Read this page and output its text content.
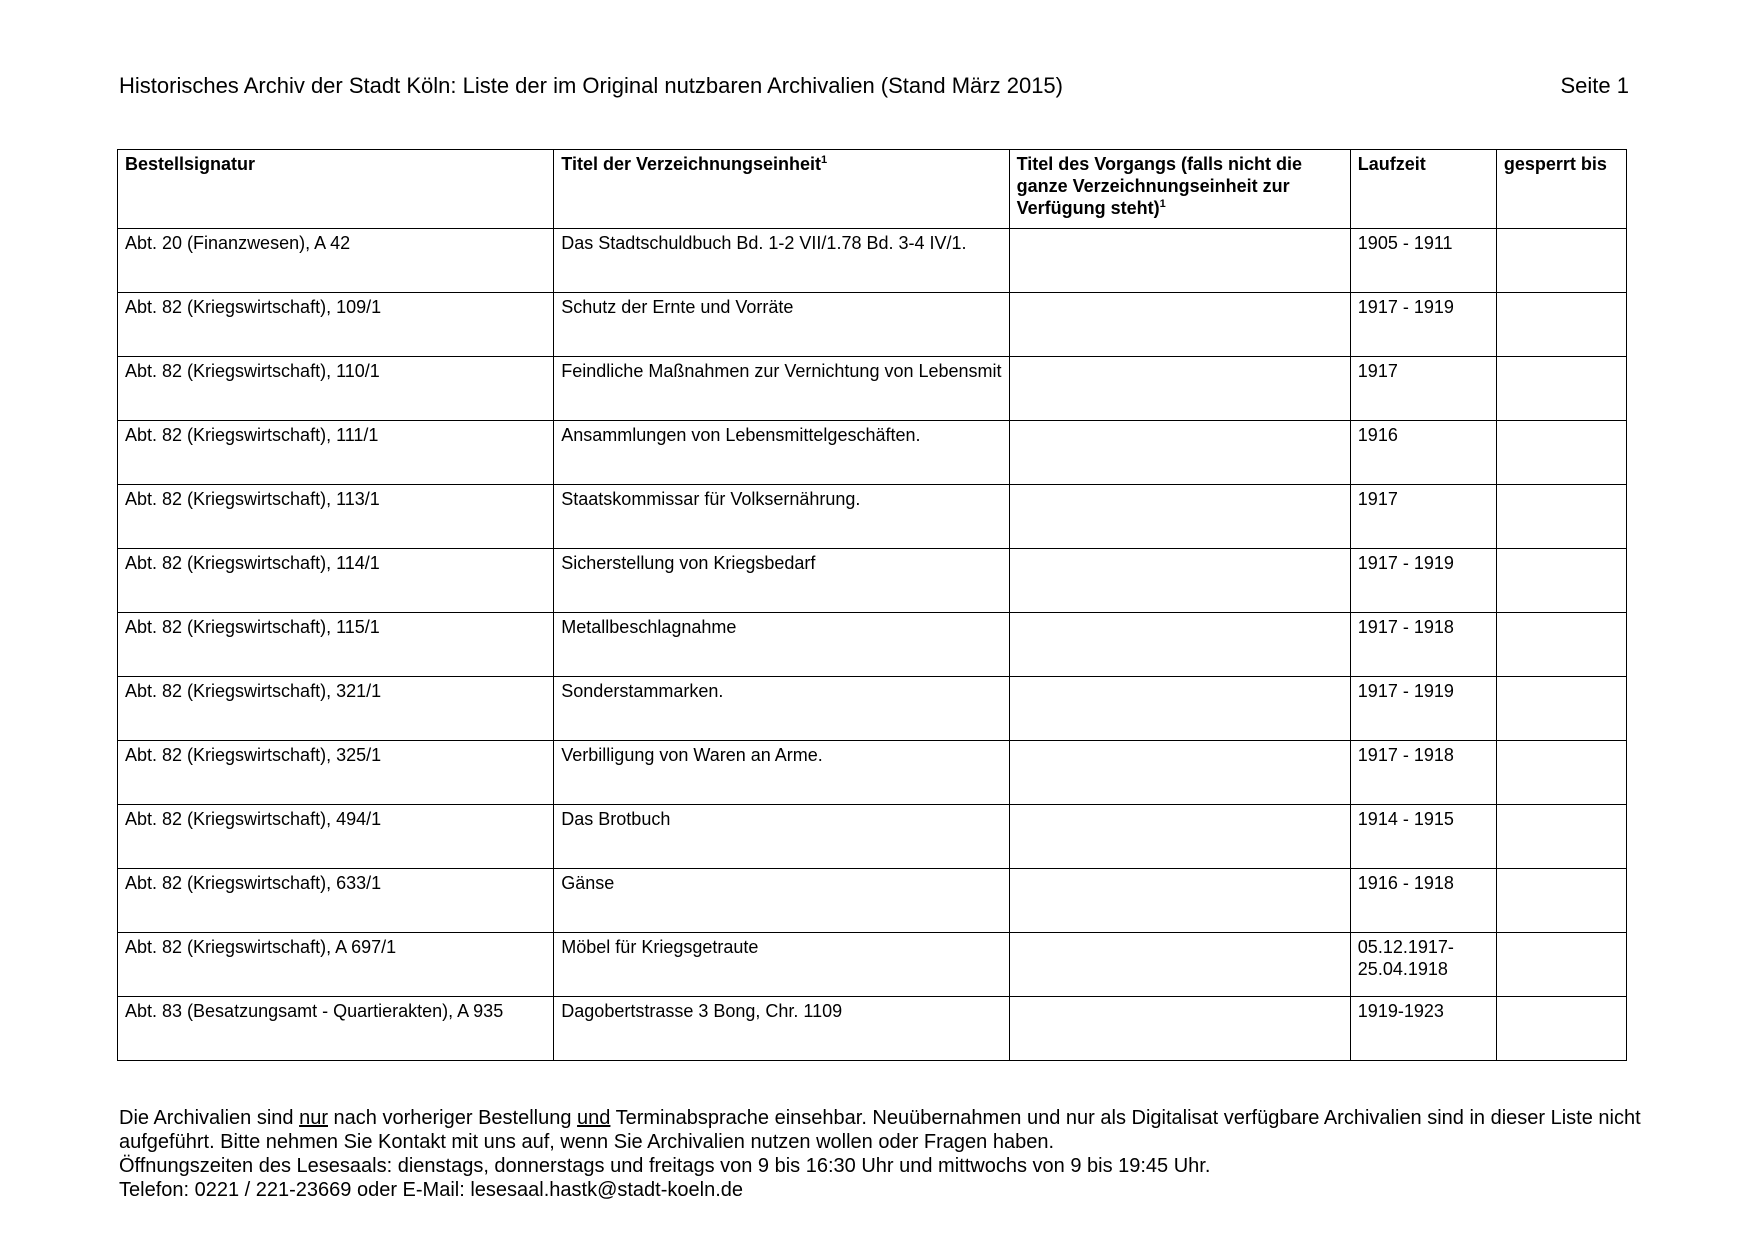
Historisches Archiv der Stadt Köln: Liste der im Original nutzbaren Archivalien (Stand März 2015)	Seite 1
Bestellsignatur	Titel der Verzeichnungseinheit$^1$	Titel des Vorgangs (falls nicht die ganze Verzeichnungseinheit zur Verfügung steht)$^1$	Laufzeit	gesperrt bis
Abt. 20 (Finanzwesen), A 42	Das Stadtschuldbuch Bd. 1-2 VII/1.78 Bd. 3-4 IV/1.		1905 - 1911	
Abt. 82 (Kriegswirtschaft), 109/1	Schutz der Ernte und Vorräte		1917 - 1919	
Abt. 82 (Kriegswirtschaft), 110/1	Feindliche Maßnahmen zur Vernichtung von Lebensmit		1917	
Abt. 82 (Kriegswirtschaft), 111/1	Ansammlungen von Lebensmittelgeschäften.		1916	
Abt. 82 (Kriegswirtschaft), 113/1	Staatskommissar für Volksernährung.		1917	
Abt. 82 (Kriegswirtschaft), 114/1	Sicherstellung von Kriegsbedarf		1917 - 1919	
Abt. 82 (Kriegswirtschaft), 115/1	Metallbeschlagnahme		1917 - 1918	
Abt. 82 (Kriegswirtschaft), 321/1	Sonderstammarken.		1917 - 1919	
Abt. 82 (Kriegswirtschaft), 325/1	Verbilligung von Waren an Arme.		1917 - 1918	
Abt. 82 (Kriegswirtschaft), 494/1	Das Brotbuch		1914 - 1915	
Abt. 82 (Kriegswirtschaft), 633/1	Gänse		1916 - 1918	
Abt. 82 (Kriegswirtschaft), A 697/1	Möbel für Kriegsgetraute		05.12.1917-25.04.1918	
Abt. 83 (Besatzungsamt - Quartierakten), A 935	Dagobertstrasse 3 Bong, Chr. 1109		1919-1923	

Die Archivalien sind nur nach vorheriger Bestellung und Terminabsprache einsehbar. Neuübernahmen und nur als Digitalisat verfügbare Archivalien sind in dieser Liste nicht aufgeführt. Bitte nehmen Sie Kontakt mit uns auf, wenn Sie Archivalien nutzen wollen oder Fragen haben.

Öffnungszeiten des Lesesaals: dienstags, donnerstags und freitags von 9 bis 16:30 Uhr und mittwochs von 9 bis 19:45 Uhr.

Telefon: 0221 / 221-23669 oder E-Mail: lesesaal.hastk@stadt-koeln.de
